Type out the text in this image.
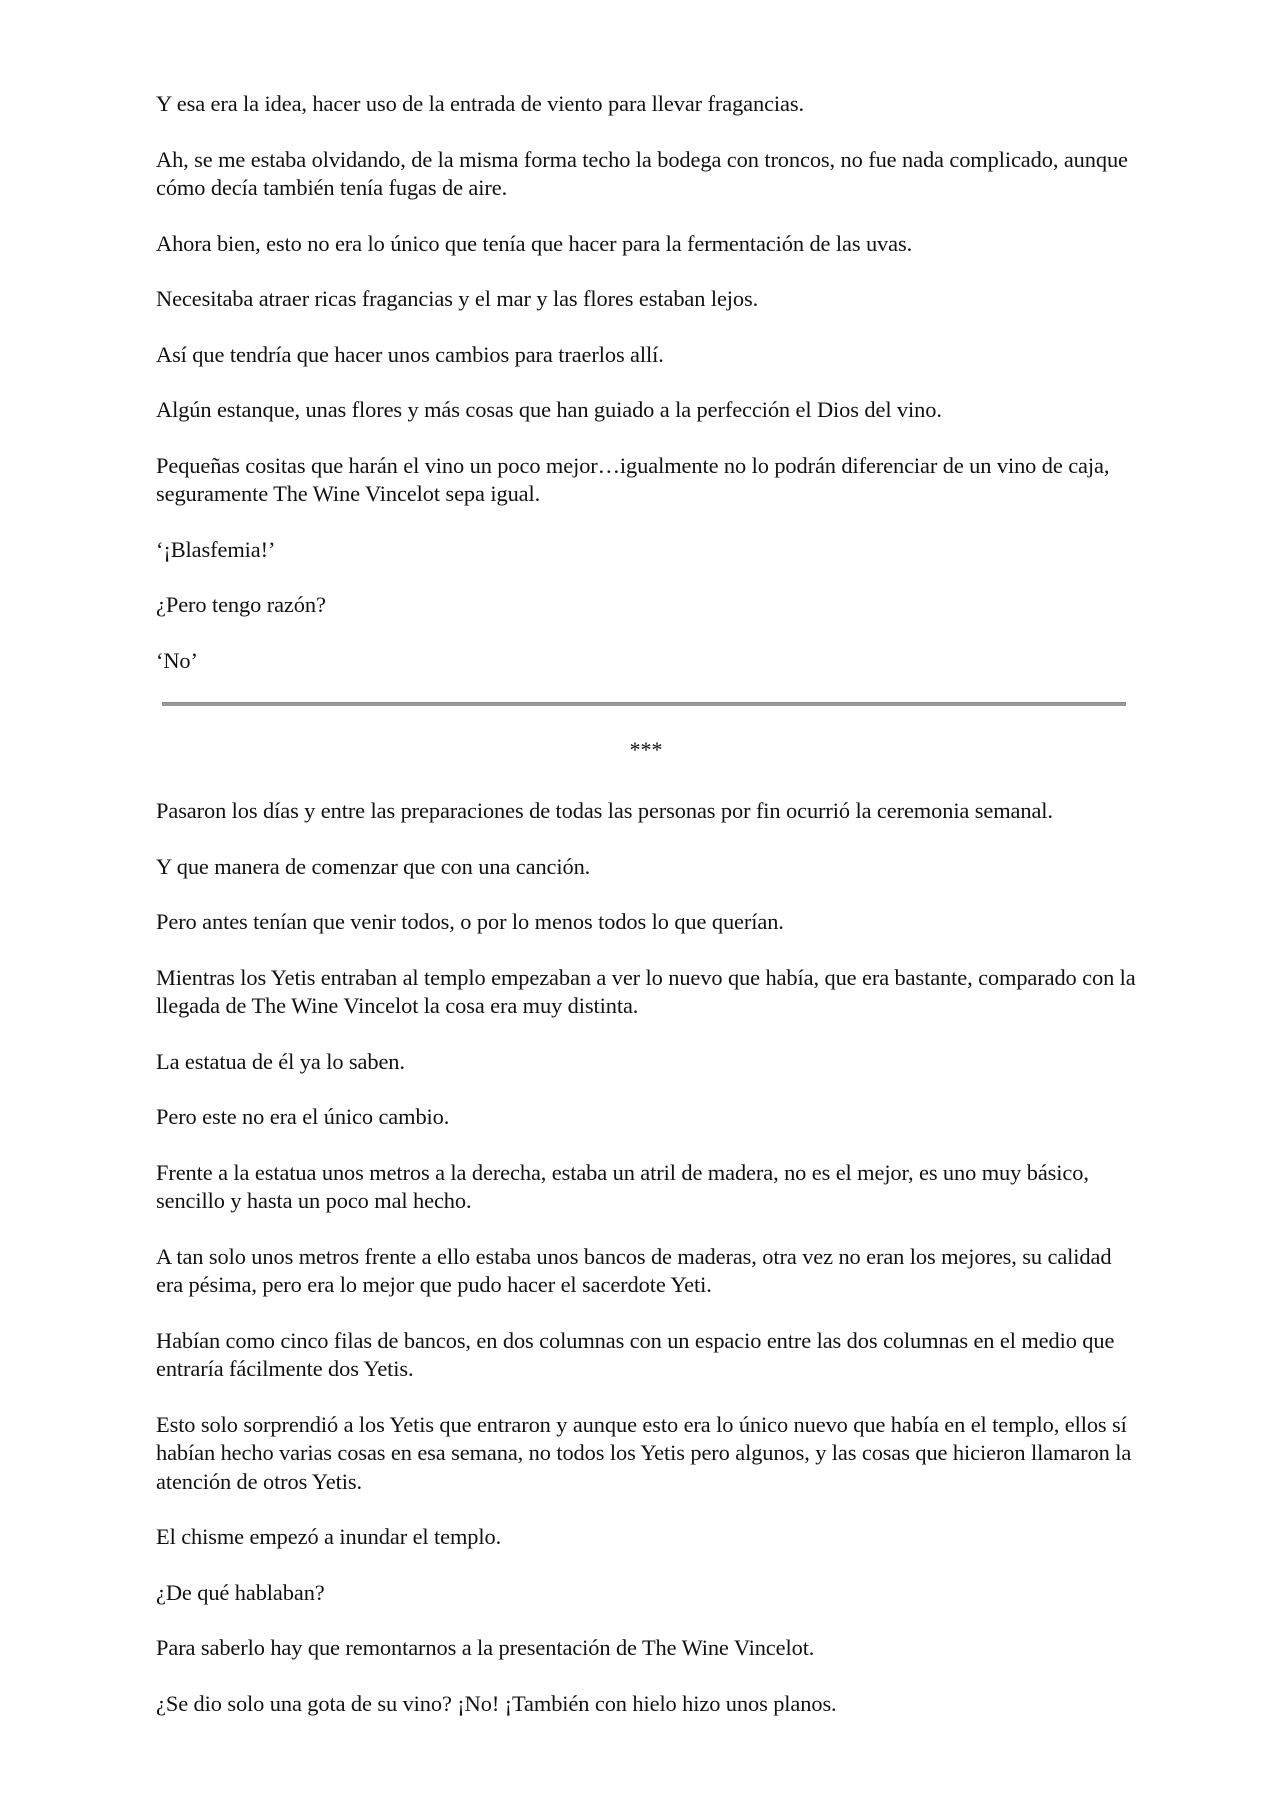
Y esa era la idea, hacer uso de la entrada de viento para llevar fragancias.

Ah, se me estaba olvidando, de la misma forma techo la bodega con troncos, no fue nada complicado, aunque cómo decía también tenía fugas de aire.

Ahora bien, esto no era lo único que tenía que hacer para la fermentación de las uvas.

Necesitaba atraer ricas fragancias y el mar y las flores estaban lejos.

Así que tendría que hacer unos cambios para traerlos allí.

Algún estanque, unas flores y más cosas que han guiado a la perfección el Dios del vino.

Pequeñas cositas que harán el vino un poco mejor…igualmente no lo podrán diferenciar de un vino de caja, seguramente The Wine Vincelot sepa igual.

‘¡Blasfemia!’

¿Pero tengo razón?

‘No’

***

Pasaron los días y entre las preparaciones de todas las personas por fin ocurrió la ceremonia semanal.

Y que manera de comenzar que con una canción.

Pero antes tenían que venir todos, o por lo menos todos lo que querían.

Mientras los Yetis entraban al templo empezaban a ver lo nuevo que había, que era bastante, comparado con la llegada de The Wine Vincelot la cosa era muy distinta.

La estatua de él ya lo saben.

Pero este no era el único cambio.

Frente a la estatua unos metros a la derecha, estaba un atril de madera, no es el mejor, es uno muy básico, sencillo y hasta un poco mal hecho.

A tan solo unos metros frente a ello estaba unos bancos de maderas, otra vez no eran los mejores, su calidad era pésima, pero era lo mejor que pudo hacer el sacerdote Yeti.

Habían como cinco filas de bancos, en dos columnas con un espacio entre las dos columnas en el medio que entraría fácilmente dos Yetis.

Esto solo sorprendió a los Yetis que entraron y aunque esto era lo único nuevo que había en el templo, ellos sí habían hecho varias cosas en esa semana, no todos los Yetis pero algunos, y las cosas que hicieron llamaron la atención de otros Yetis.

El chisme empezó a inundar el templo.

¿De qué hablaban?

Para saberlo hay que remontarnos a la presentación de The Wine Vincelot.

¿Se dio solo una gota de su vino? ¡No! ¡También con hielo hizo unos planos.
